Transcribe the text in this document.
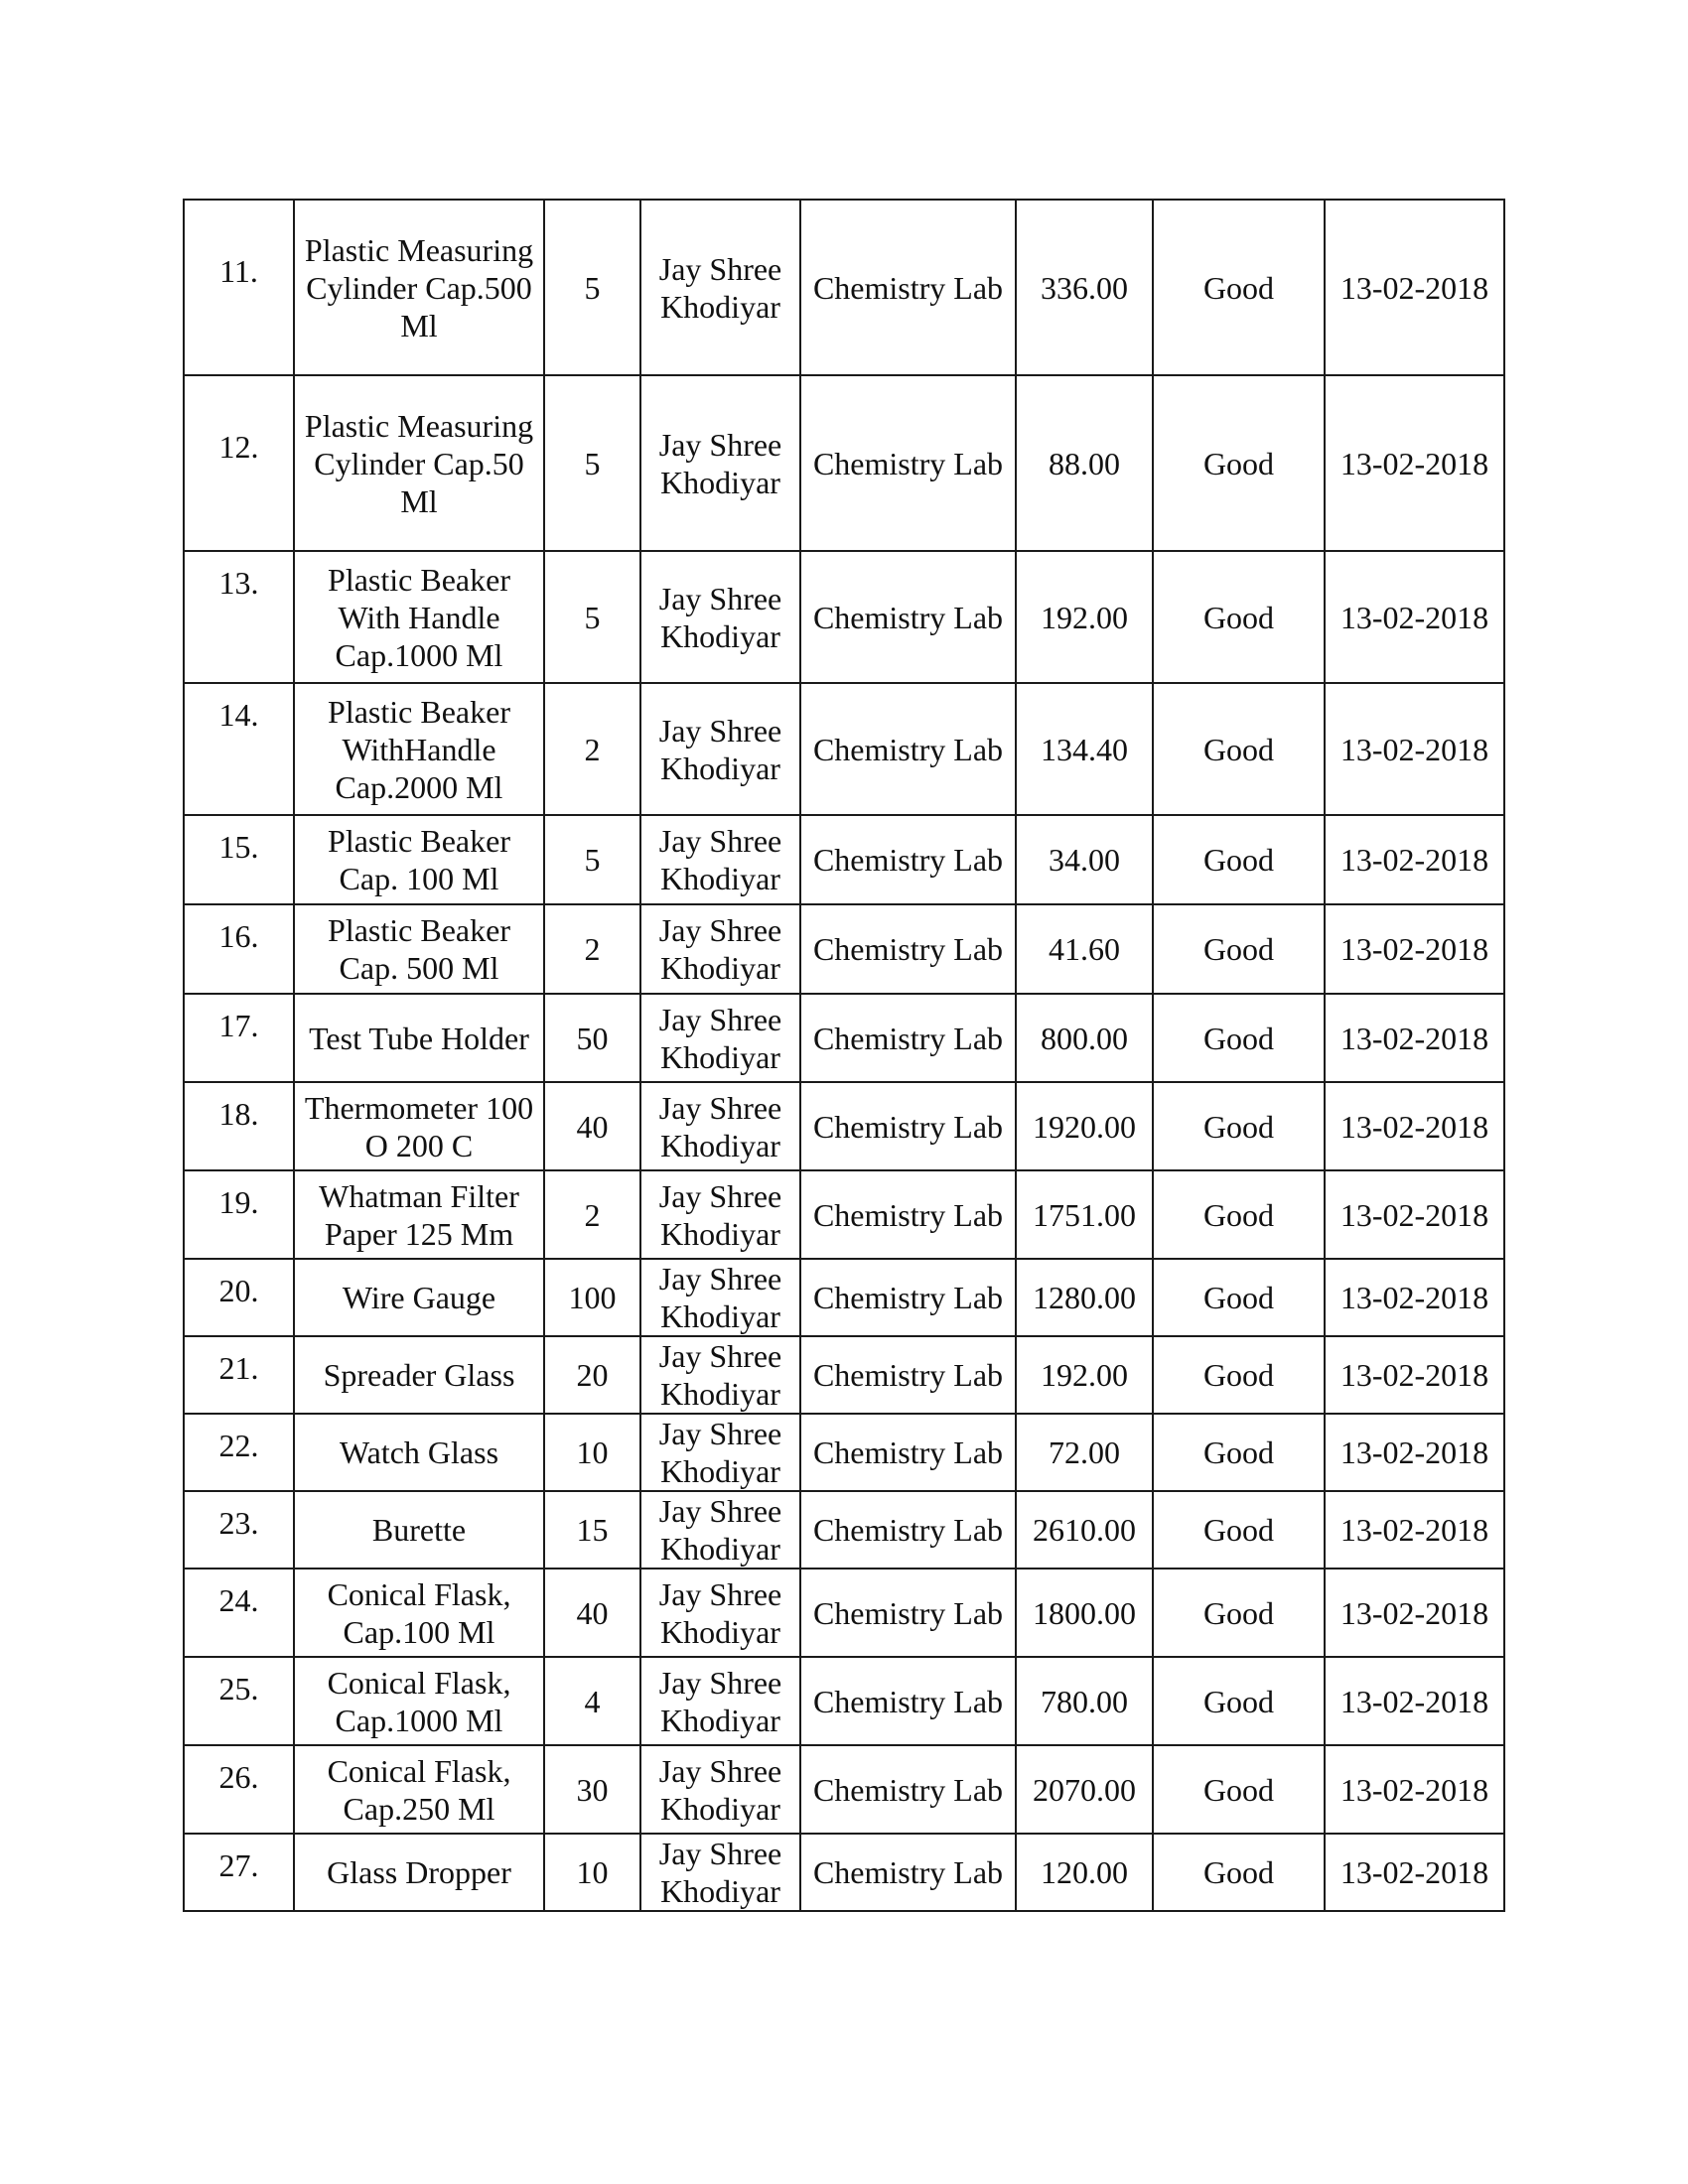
11.	Plastic Measuring Cylinder Cap.500 Ml	5	Jay Shree Khodiyar	Chemistry Lab	336.00	Good	13-02-2018
12.	Plastic Measuring Cylinder Cap.50 Ml	5	Jay Shree Khodiyar	Chemistry Lab	88.00	Good	13-02-2018
13.	Plastic Beaker With Handle Cap.1000 Ml	5	Jay Shree Khodiyar	Chemistry Lab	192.00	Good	13-02-2018
14.	Plastic Beaker WithHandle Cap.2000 Ml	2	Jay Shree Khodiyar	Chemistry Lab	134.40	Good	13-02-2018
15.	Plastic Beaker Cap. 100 Ml	5	Jay Shree Khodiyar	Chemistry Lab	34.00	Good	13-02-2018
16.	Plastic Beaker Cap. 500 Ml	2	Jay Shree Khodiyar	Chemistry Lab	41.60	Good	13-02-2018
17.	Test Tube Holder	50	Jay Shree Khodiyar	Chemistry Lab	800.00	Good	13-02-2018
18.	Thermometer 100 O 200 C	40	Jay Shree Khodiyar	Chemistry Lab	1920.00	Good	13-02-2018
19.	Whatman Filter Paper 125 Mm	2	Jay Shree Khodiyar	Chemistry Lab	1751.00	Good	13-02-2018
20.	Wire Gauge	100	Jay Shree Khodiyar	Chemistry Lab	1280.00	Good	13-02-2018
21.	Spreader Glass	20	Jay Shree Khodiyar	Chemistry Lab	192.00	Good	13-02-2018
22.	Watch Glass	10	Jay Shree Khodiyar	Chemistry Lab	72.00	Good	13-02-2018
23.	Burette	15	Jay Shree Khodiyar	Chemistry Lab	2610.00	Good	13-02-2018
24.	Conical Flask, Cap.100 Ml	40	Jay Shree Khodiyar	Chemistry Lab	1800.00	Good	13-02-2018
25.	Conical Flask, Cap.1000 Ml	4	Jay Shree Khodiyar	Chemistry Lab	780.00	Good	13-02-2018
26.	Conical Flask, Cap.250 Ml	30	Jay Shree Khodiyar	Chemistry Lab	2070.00	Good	13-02-2018
27.	Glass Dropper	10	Jay Shree Khodiyar	Chemistry Lab	120.00	Good	13-02-2018
